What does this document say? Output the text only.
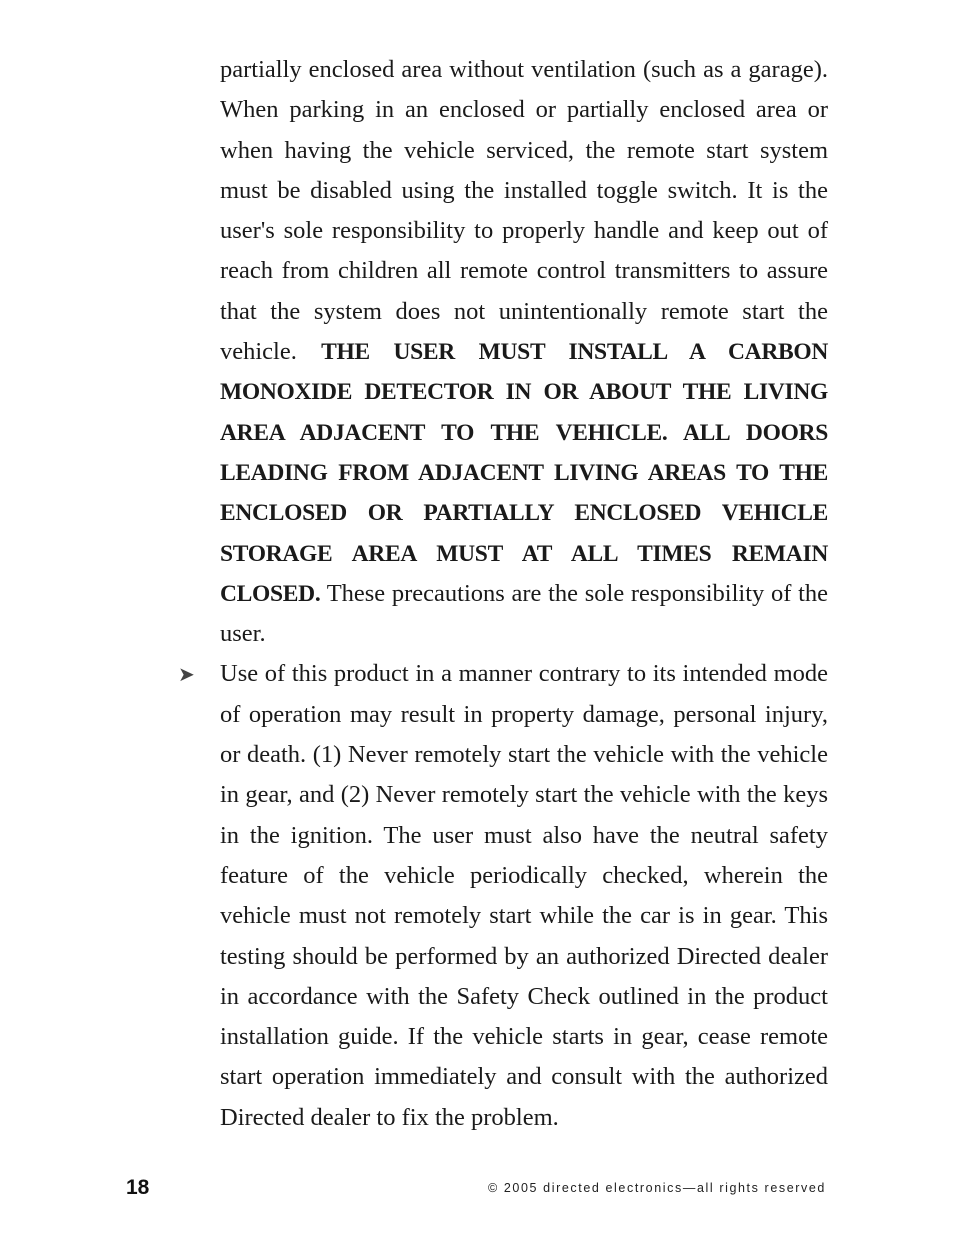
partially enclosed area without ventilation (such as a garage). When parking in an enclosed or partially enclosed area or when having the vehicle serviced, the remote start system must be disabled using the installed toggle switch. It is the user's sole responsibility to properly handle and keep out of reach from children all remote control transmitters to assure that the system does not unintentionally remote start the vehicle. THE USER MUST INSTALL A CARBON MONOXIDE DETECTOR IN OR ABOUT THE LIVING AREA ADJACENT TO THE VEHICLE. ALL DOORS LEADING FROM ADJACENT LIVING AREAS TO THE ENCLOSED OR PARTIALLY ENCLOSED VEHICLE STORAGE AREA MUST AT ALL TIMES REMAIN CLOSED. These precautions are the sole responsibility of the user.

➤ Use of this product in a manner contrary to its intended mode of operation may result in property damage, personal injury, or death. (1) Never remotely start the vehicle with the vehicle in gear, and (2) Never remotely start the vehicle with the keys in the ignition. The user must also have the neutral safety feature of the vehicle periodically checked, wherein the vehicle must not remotely start while the car is in gear. This testing should be performed by an authorized Directed dealer in accordance with the Safety Check outlined in the product installation guide. If the vehicle starts in gear, cease remote start operation immediately and consult with the authorized Directed dealer to fix the problem.

18	© 2005 directed electronics—all rights reserved
